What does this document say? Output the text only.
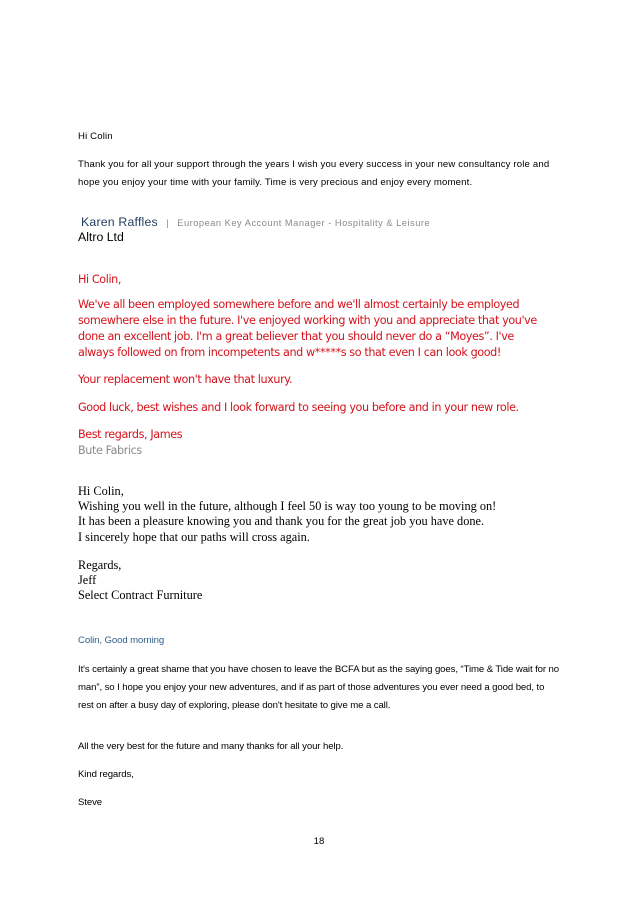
Hi Colin
Thank you for all your support through the years I wish you every success in your new consultancy role and hope you enjoy your time with your family. Time is very precious and enjoy every moment.
Karen Raffles | European Key Account Manager - Hospitality & Leisure
Altro Ltd
Hi Colin,
We've all been employed somewhere before and we'll almost certainly be employed somewhere else in the future. I've enjoyed working with you and appreciate that you've done an excellent job. I'm a great believer that you should never do a “Moyes”. I've always followed on from incompetents and w*****s so that even I can look good!
Your replacement won't have that luxury.
Good luck, best wishes and I look forward to seeing you before and in your new role.
Best regards, James
Bute Fabrics
Hi Colin,
Wishing you well in the future, although I feel 50 is way too young to be moving on!
It has been a pleasure knowing you and thank you for the great job you have done.
I sincerely hope that our paths will cross again.
Regards,
Jeff
Select Contract Furniture
Colin, Good morning
It's certainly a great shame that you have chosen to leave the BCFA but as the saying goes, “Time & Tide wait for no man”, so I hope you enjoy your new adventures, and if as part of those adventures you ever need a good bed, to rest on after a busy day of exploring, please don't hesitate to give me a call.
All the very best for the future and many thanks for all your help.
Kind regards,
Steve
18
